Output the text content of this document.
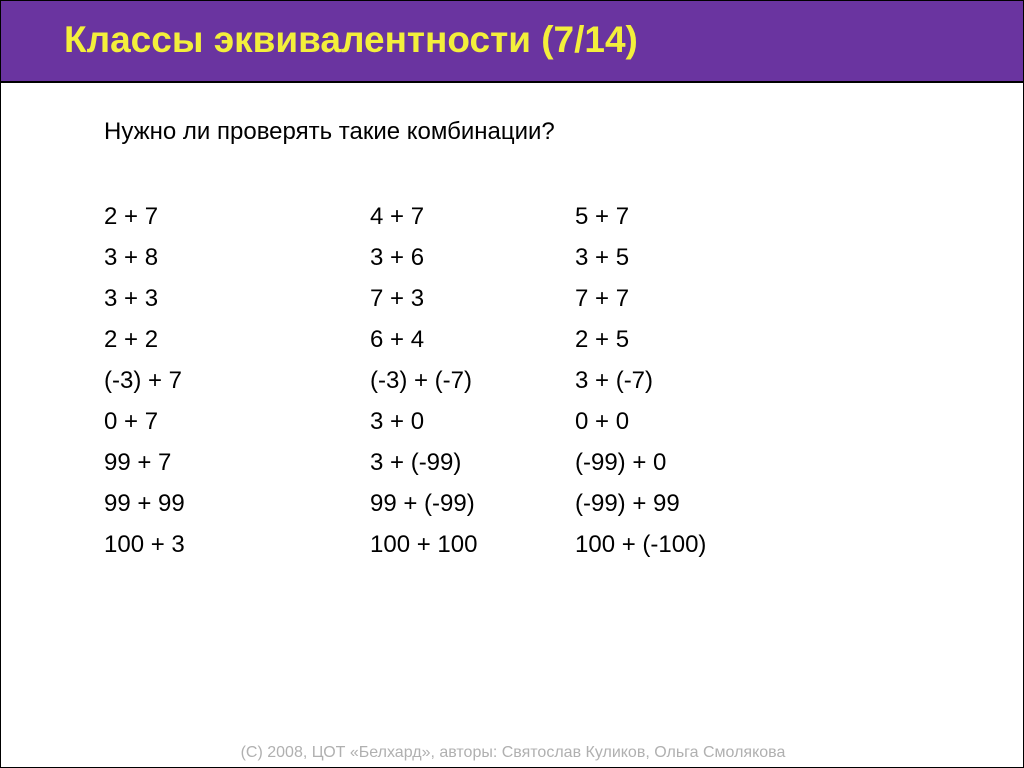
Классы эквивалентности (7/14)
Нужно ли проверять такие комбинации?
2 + 7
3 + 8
3 + 3
2 + 2
(-3) + 7
0 + 7
99 + 7
99 + 99
100 + 3
4 + 7
3 + 6
7 + 3
6 + 4
(-3) + (-7)
3 + 0
3 + (-99)
99 + (-99)
100 + 100
5 + 7
3 + 5
7 + 7
2 + 5
3 + (-7)
0 + 0
(-99) + 0
(-99) + 99
100 + (-100)
(C) 2008, ЦОТ «Белхард», авторы: Святослав Куликов, Ольга Смолякова
